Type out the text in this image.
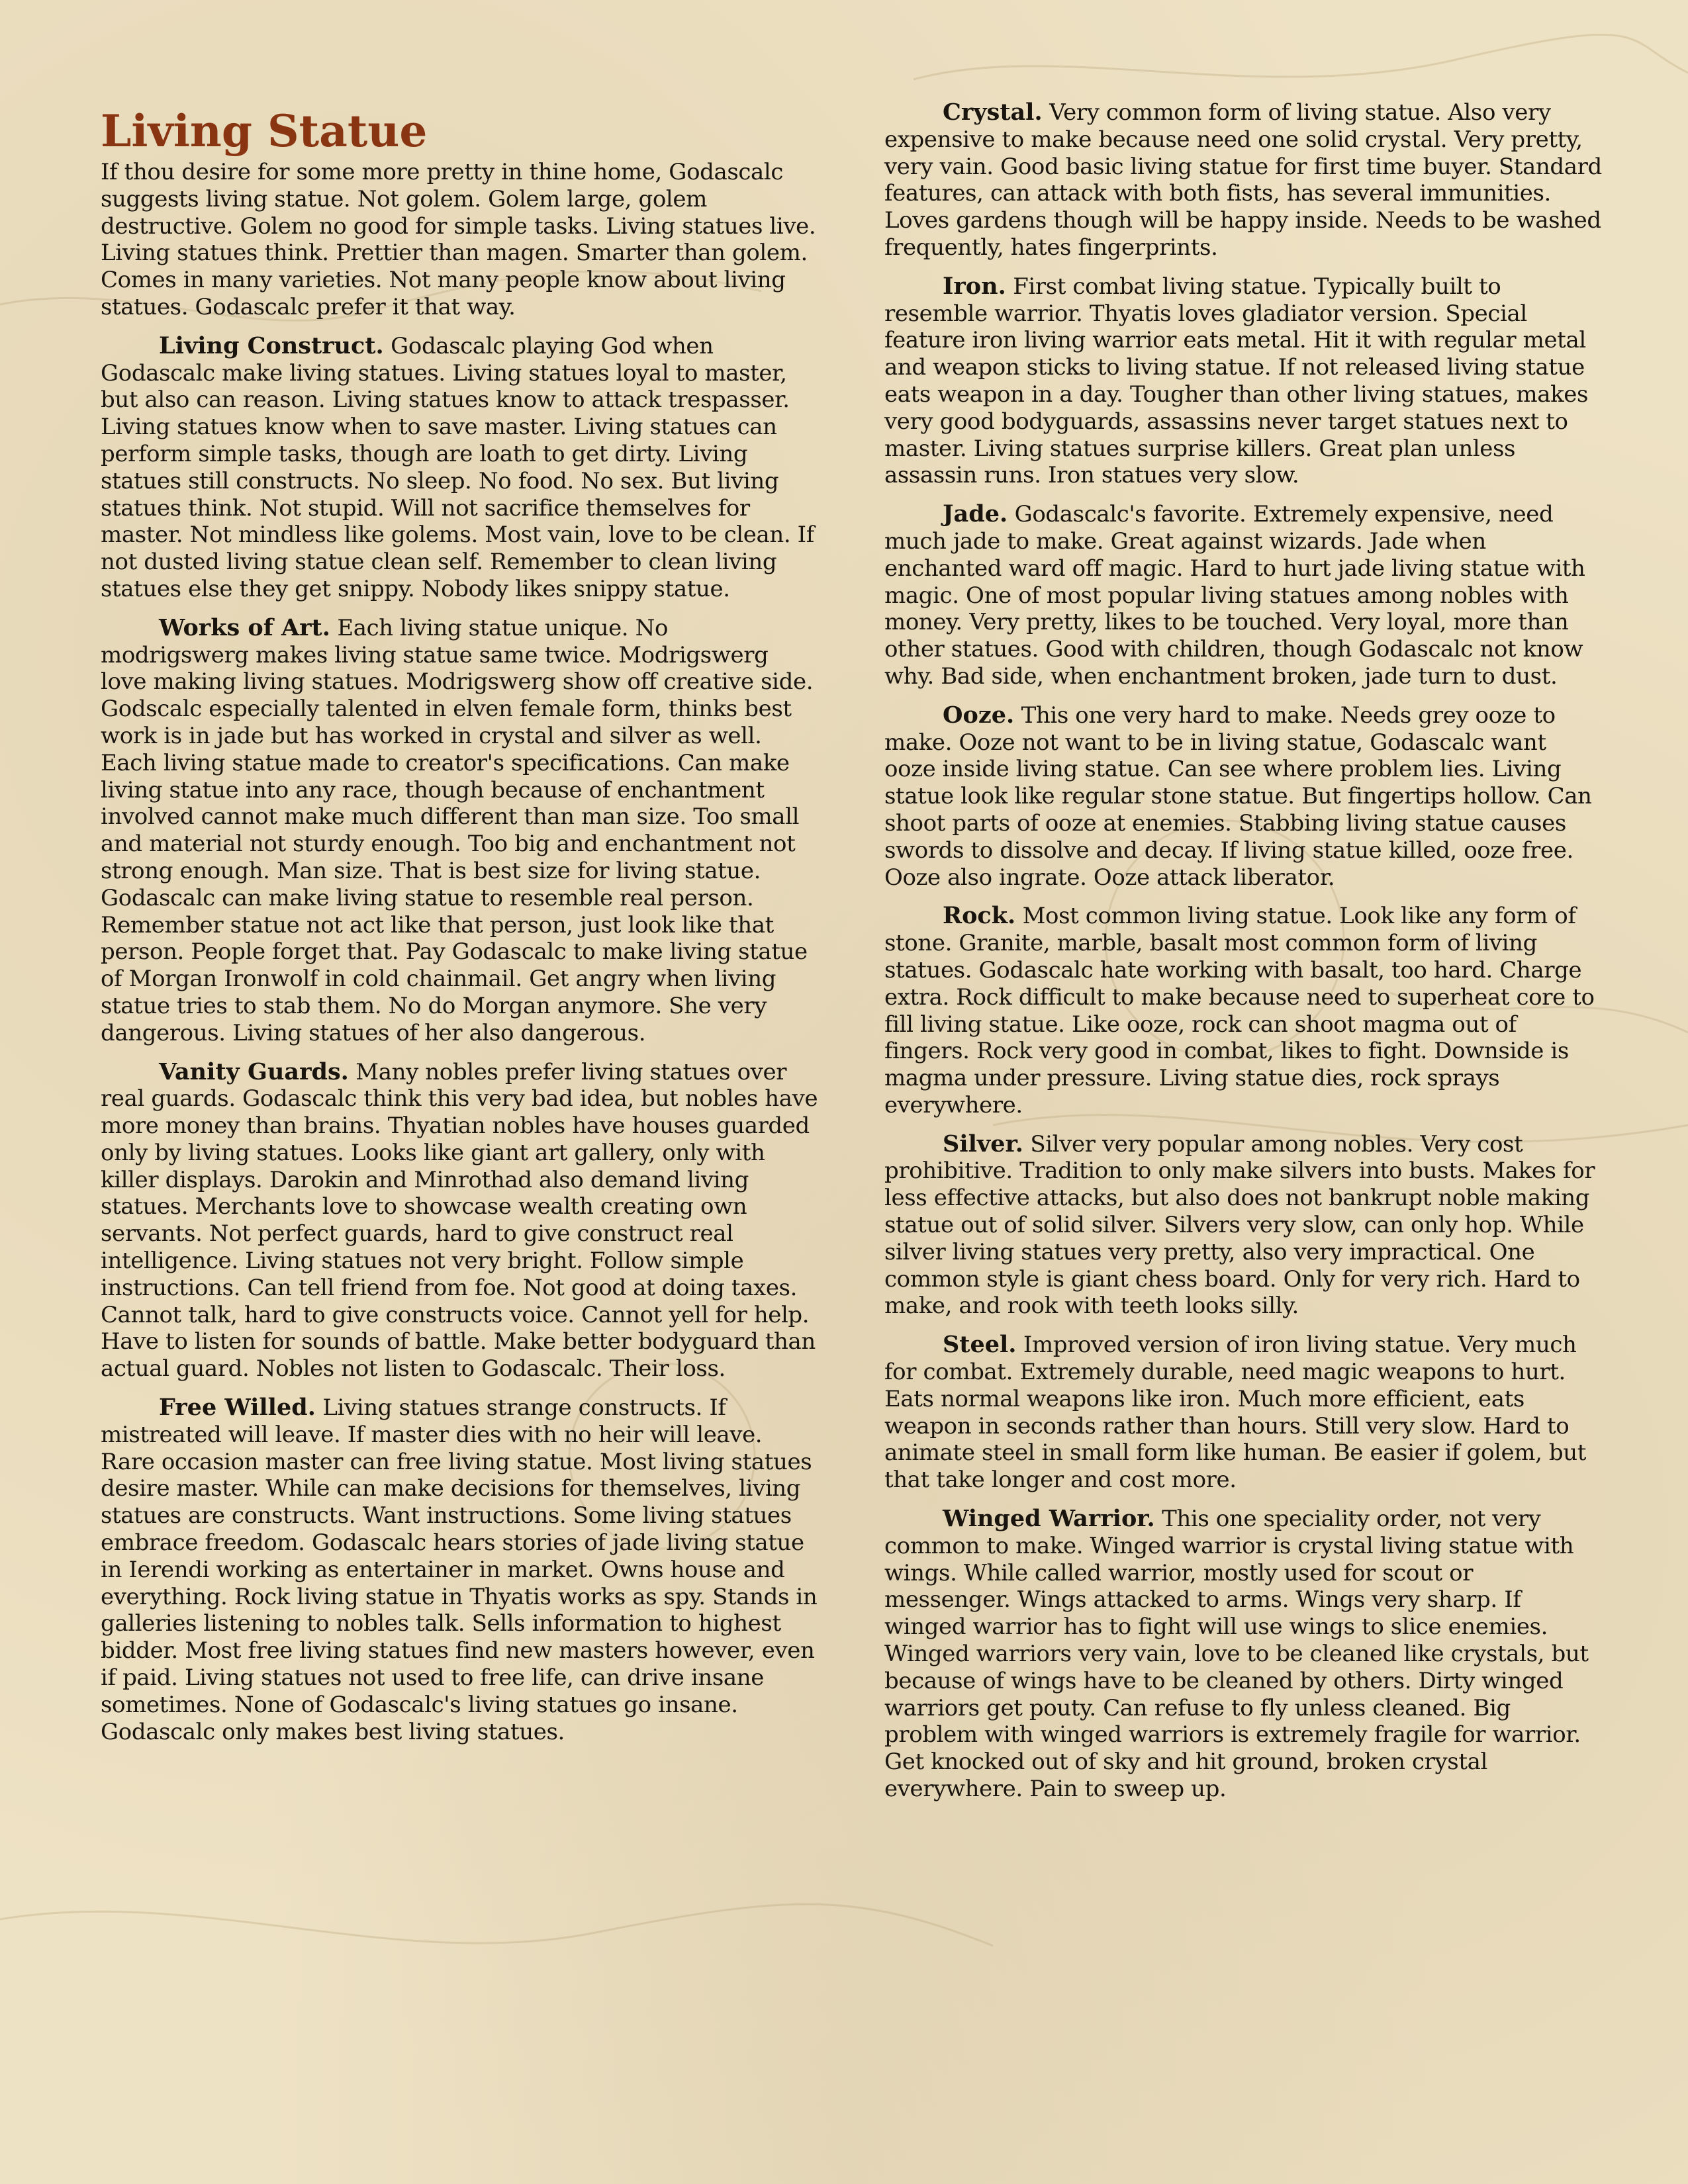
Living Statue

If thou desire for some more pretty in thine home, Godascalc suggests living statue. Not golem. Golem large, golem destructive. Golem no good for simple tasks. Living statues live. Living statues think. Prettier than magen. Smarter than golem. Comes in many varieties. Not many people know about living statues. Godascalc prefer it that way.

Living Construct. Godascalc playing God when Godascalc make living statues. Living statues loyal to master, but also can reason. Living statues know to attack trespasser. Living statues know when to save master. Living statues can perform simple tasks, though are loath to get dirty. Living statues still constructs. No sleep. No food. No sex. But living statues think. Not stupid. Will not sacrifice themselves for master. Not mindless like golems. Most vain, love to be clean. If not dusted living statue clean self. Remember to clean living statues else they get snippy. Nobody likes snippy statue.

Works of Art. Each living statue unique. No modrigswerg makes living statue same twice. Modrigswerg love making living statues. Modrigswerg show off creative side. Godscalc especially talented in elven female form, thinks best work is in jade but has worked in crystal and silver as well. Each living statue made to creator's specifications. Can make living statue into any race, though because of enchantment involved cannot make much different than man size. Too small and material not sturdy enough. Too big and enchantment not strong enough. Man size. That is best size for living statue. Godascalc can make living statue to resemble real person. Remember statue not act like that person, just look like that person. People forget that. Pay Godascalc to make living statue of Morgan Ironwolf in cold chainmail. Get angry when living statue tries to stab them. No do Morgan anymore. She very dangerous. Living statues of her also dangerous.

Vanity Guards. Many nobles prefer living statues over real guards. Godascalc think this very bad idea, but nobles have more money than brains. Thyatian nobles have houses guarded only by living statues. Looks like giant art gallery, only with killer displays. Darokin and Minrothad also demand living statues. Merchants love to showcase wealth creating own servants. Not perfect guards, hard to give construct real intelligence. Living statues not very bright. Follow simple instructions. Can tell friend from foe. Not good at doing taxes. Cannot talk, hard to give constructs voice. Cannot yell for help. Have to listen for sounds of battle. Make better bodyguard than actual guard. Nobles not listen to Godascalc. Their loss.

Free Willed. Living statues strange constructs. If mistreated will leave. If master dies with no heir will leave. Rare occasion master can free living statue. Most living statues desire master. While can make decisions for themselves, living statues are constructs. Want instructions. Some living statues embrace freedom. Godascalc hears stories of jade living statue in Ierendi working as entertainer in market. Owns house and everything. Rock living statue in Thyatis works as spy. Stands in galleries listening to nobles talk. Sells information to highest bidder. Most free living statues find new masters however, even if paid. Living statues not used to free life, can drive insane sometimes. None of Godascalc's living statues go insane. Godascalc only makes best living statues.

Crystal. Very common form of living statue. Also very expensive to make because need one solid crystal. Very pretty, very vain. Good basic living statue for first time buyer. Standard features, can attack with both fists, has several immunities. Loves gardens though will be happy inside. Needs to be washed frequently, hates fingerprints.

Iron. First combat living statue. Typically built to resemble warrior. Thyatis loves gladiator version. Special feature iron living warrior eats metal. Hit it with regular metal and weapon sticks to living statue. If not released living statue eats weapon in a day. Tougher than other living statues, makes very good bodyguards, assassins never target statues next to master. Living statues surprise killers. Great plan unless assassin runs. Iron statues very slow.

Jade. Godascalc's favorite. Extremely expensive, need much jade to make. Great against wizards. Jade when enchanted ward off magic. Hard to hurt jade living statue with magic. One of most popular living statues among nobles with money. Very pretty, likes to be touched. Very loyal, more than other statues. Good with children, though Godascalc not know why. Bad side, when enchantment broken, jade turn to dust.

Ooze. This one very hard to make. Needs grey ooze to make. Ooze not want to be in living statue, Godascalc want ooze inside living statue. Can see where problem lies. Living statue look like regular stone statue. But fingertips hollow. Can shoot parts of ooze at enemies. Stabbing living statue causes swords to dissolve and decay. If living statue killed, ooze free. Ooze also ingrate. Ooze attack liberator.

Rock. Most common living statue. Look like any form of stone. Granite, marble, basalt most common form of living statues. Godascalc hate working with basalt, too hard. Charge extra. Rock difficult to make because need to superheat core to fill living statue. Like ooze, rock can shoot magma out of fingers. Rock very good in combat, likes to fight. Downside is magma under pressure. Living statue dies, rock sprays everywhere.

Silver. Silver very popular among nobles. Very cost prohibitive. Tradition to only make silvers into busts. Makes for less effective attacks, but also does not bankrupt noble making statue out of solid silver. Silvers very slow, can only hop. While silver living statues very pretty, also very impractical. One common style is giant chess board. Only for very rich. Hard to make, and rook with teeth looks silly.

Steel. Improved version of iron living statue. Very much for combat. Extremely durable, need magic weapons to hurt. Eats normal weapons like iron. Much more efficient, eats weapon in seconds rather than hours. Still very slow. Hard to animate steel in small form like human. Be easier if golem, but that take longer and cost more.

Winged Warrior. This one speciality order, not very common to make. Winged warrior is crystal living statue with wings. While called warrior, mostly used for scout or messenger. Wings attacked to arms. Wings very sharp. If winged warrior has to fight will use wings to slice enemies. Winged warriors very vain, love to be cleaned like crystals, but because of wings have to be cleaned by others. Dirty winged warriors get pouty. Can refuse to fly unless cleaned. Big problem with winged warriors is extremely fragile for warrior. Get knocked out of sky and hit ground, broken crystal everywhere. Pain to sweep up.
